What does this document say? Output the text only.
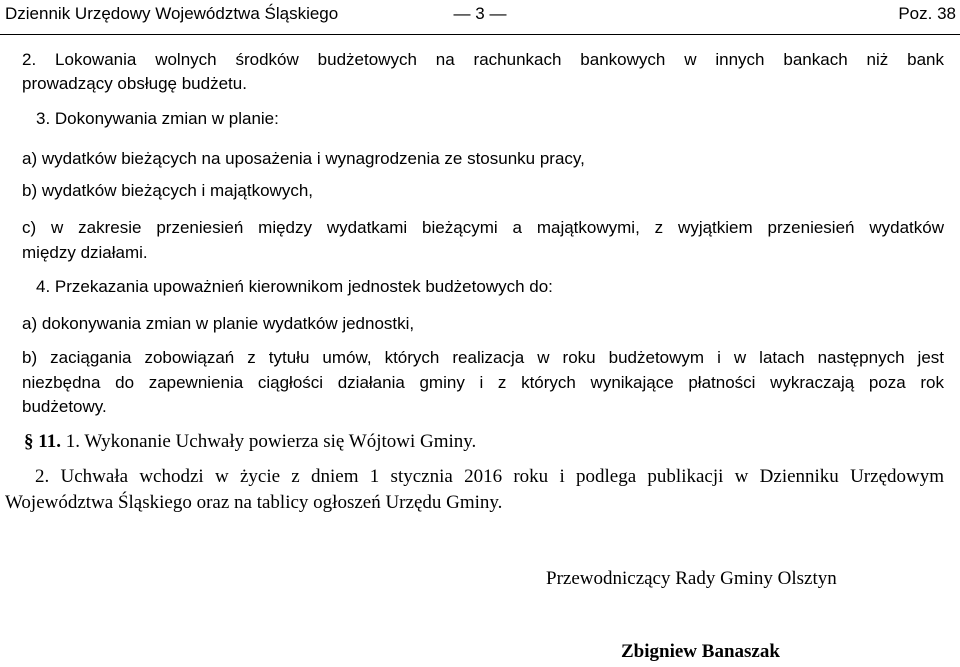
Dziennik Urzędowy Województwa Śląskiego	— 3 —	Poz. 38
2. Lokowania wolnych środków budżetowych na rachunkach bankowych w innych bankach niż bank
prowadzący obsługę budżetu.
3. Dokonywania zmian w planie:
a) wydatków bieżących na uposażenia i wynagrodzenia ze stosunku pracy,
b) wydatków bieżących i majątkowych,
c) w zakresie przeniesień między wydatkami bieżącymi a majątkowymi, z wyjątkiem przeniesień wydatków
między działami.
4. Przekazania upoważnień kierownikom jednostek budżetowych do:
a) dokonywania zmian w planie wydatków jednostki,
b) zaciągania zobowiązań z tytułu umów, których realizacja w roku budżetowym i w latach następnych jest
niezbędna do zapewnienia ciągłości działania gminy i z których wynikające płatności wykraczają poza rok
budżetowy.
§ 11. 1. Wykonanie Uchwały powierza się Wójtowi Gminy.
2. Uchwała wchodzi w życie z dniem 1 stycznia 2016 roku i podlega publikacji w Dzienniku Urzędowym
Województwa Śląskiego oraz na tablicy ogłoszeń Urzędu Gminy.
Przewodniczący Rady Gminy Olsztyn
Zbigniew Banaszak
